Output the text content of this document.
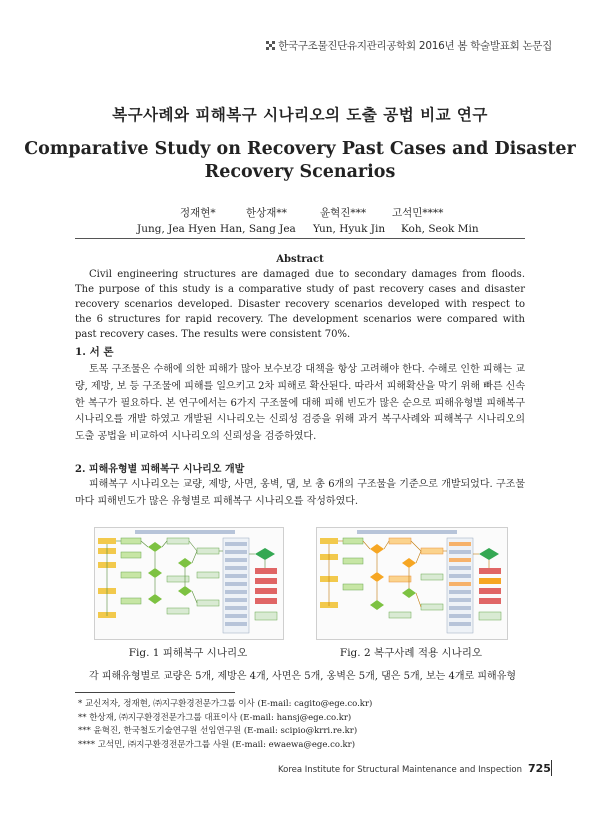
한국구조물진단유지관리공학회 2016년 봄 학술발표회 논문집
복구사례와 피해복구 시나리오의 도출 공법 비교 연구
Comparative Study on Recovery Past Cases and Disaster
Recovery Scenarios
정재현*	한상재**	윤혁진*** 고석민****
Jung, Jea Hyen Han, Sang Jea Yun, Hyuk Jin Koh, Seok Min
Abstract
Civil engineering structures are damaged due to secondary damages from floods. The purpose of this study is a comparative study of past recovery cases and disaster recovery scenarios developed. Disaster recovery scenarios developed with respect to the 6 structures for rapid recovery. The development scenarios were compared with past recovery cases. The results were consistent 70%.
1. 서 론
토목 구조물은 수해에 의한 피해가 많아 보수보강 대책을 항상 고려해야 한다. 수해로 인한 피해는 교량, 제방, 보 등 구조물에 피해를 일으키고 2차 피해로 확산된다. 따라서 피해확산을 막기 위해 빠른 신속한 복구가 필요하다. 본 연구에서는 6가지 구조물에 대해 피해 빈도가 많은 순으로 피해유형별 피해복구 시나리오를 개발 하였고 개발된 시나리오는 신뢰성 검증을 위해 과거 복구사례와 피해복구 시나리오의 도출 공법을 비교하여 시나리오의 신뢰성을 검증하였다.
2. 피해유형별 피해복구 시나리오 개발
피해복구 시나리오는 교량, 제방, 사면, 옹벽, 댐, 보 총 6개의 구조물을 기준으로 개발되었다. 구조물마다 피해빈도가 많은 유형별로 피해복구 시나리오를 작성하였다.
Fig. 1 피해복구 시나리오	Fig. 2 복구사례 적용 시나리오
각 피해유형별로 교량은 5개, 제방은 4개, 사면은 5개, 옹벽은 5개, 댐은 5개, 보는 4개로 피해유형
* 교신저자, 정재현, ㈜지구환경전문가그룹 이사 (E-mail: cagito@ege.co.kr)
** 한상재, ㈜지구환경전문가그룹 대표이사 (E-mail: hansj@ege.co.kr)
*** 윤혁진, 한국철도기술연구원 선임연구원 (E-mail: scipio@krri.re.kr)
**** 고석민, ㈜지구환경전문가그룹 사원 (E-mail: ewaewa@ege.co.kr)
Korea Institute for Structural Maintenance and Inspection 725
